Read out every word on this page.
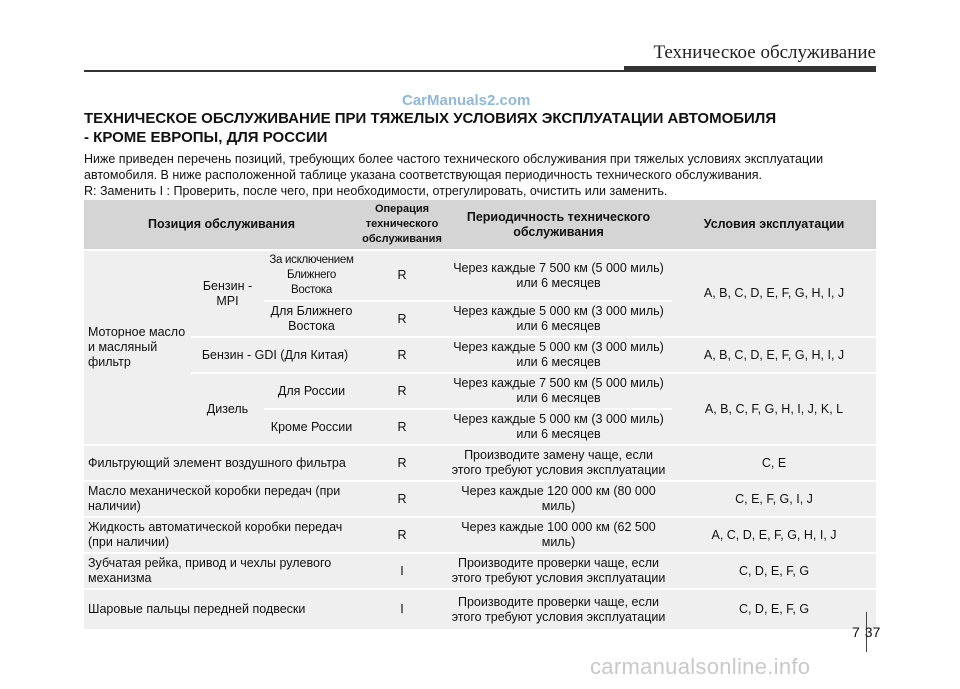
Техническое обслуживание
CarManuals2.com
ТЕХНИЧЕСКОЕ ОБСЛУЖИВАНИЕ ПРИ ТЯЖЕЛЫХ УСЛОВИЯХ ЭКСПЛУАТАЦИИ АВТОМОБИЛЯ
- КРОМЕ ЕВРОПЫ, ДЛЯ РОССИИ
Ниже приведен перечень позиций, требующих более частого технического обслуживания при тяжелых условиях эксплуатации автомобиля. В ниже расположенной таблице указана соответствующая периодичность технического обслуживания.
R: Заменить I : Проверить, после чего, при необходимости, отрегулировать, очистить или заменить.
Позиция обслуживания			Операция технического обслуживания	Периодичность технического обслуживания	Условия эксплуатации
Моторное масло и масляный фильтр	Бензин - MPI	За исключением Ближнего Востока	R	Через каждые 7 500 км (5 000 миль) или 6 месяцев	A, B, C, D, E, F, G, H, I, J
		Для Ближнего Востока	R	Через каждые 5 000 км (3 000 миль) или 6 месяцев	
	Бензин - GDI (Для Китая)		R	Через каждые 5 000 км (3 000 миль) или 6 месяцев	A, B, C, D, E, F, G, H, I, J
	Дизель	Для России	R	Через каждые 7 500 км (5 000 миль) или 6 месяцев	A, B, C, F, G, H, I, J, K, L
		Кроме России	R	Через каждые 5 000 км (3 000 миль) или 6 месяцев	
Фильтрующий элемент воздушного фильтра			R	Производите замену чаще, если этого требуют условия эксплуатации	C, E
Масло механической коробки передач (при наличии)			R	Через каждые 120 000 км (80 000 миль)	C, E, F, G, I, J
Жидкость автоматической коробки передач (при наличии)			R	Через каждые 100 000 км (62 500 миль)	A, C, D, E, F, G, H, I, J
Зубчатая рейка, привод и чехлы рулевого механизма			I	Производите проверки чаще, если этого требуют условия эксплуатации	C, D, E, F, G
Шаровые пальцы передней подвески			I	Производите проверки чаще, если этого требуют условия эксплуатации	C, D, E, F, G
7 37
carmanualsonline.info
